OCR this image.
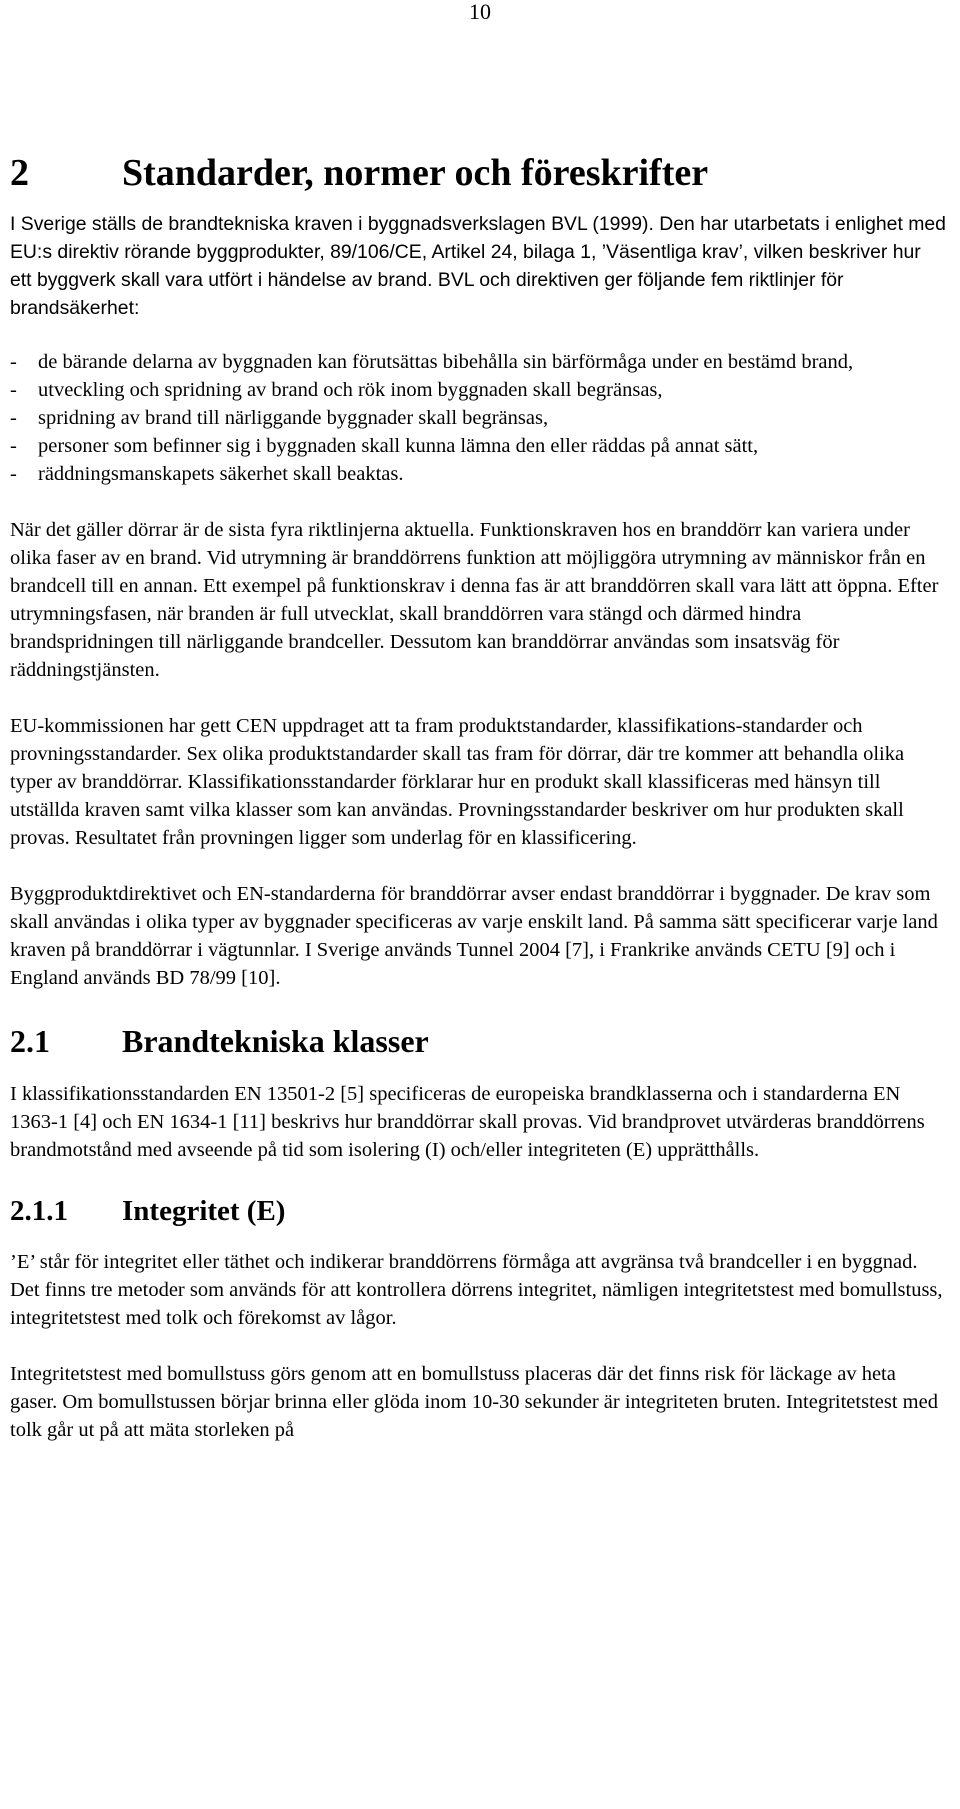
10
2	Standarder, normer och föreskrifter

I Sverige ställs de brandtekniska kraven i byggnadsverkslagen BVL (1999). Den har utarbetats i enlighet med EU:s direktiv rörande byggprodukter, 89/106/CE, Artikel 24, bilaga 1, ’Väsentliga krav’, vilken beskriver hur ett byggverk skall vara utfört i händelse av brand. BVL och direktiven ger följande fem riktlinjer för brandsäkerhet:

-	de bärande delarna av byggnaden kan förutsättas bibehålla sin bärförmåga under en bestämd brand,
-	utveckling och spridning av brand och rök inom byggnaden skall begränsas,
-	spridning av brand till närliggande byggnader skall begränsas,
-	personer som befinner sig i byggnaden skall kunna lämna den eller räddas på annat sätt,
-	räddningsmanskapets säkerhet skall beaktas.

När det gäller dörrar är de sista fyra riktlinjerna aktuella. Funktionskraven hos en branddörr kan variera under olika faser av en brand. Vid utrymning är branddörrens funktion att möjliggöra utrymning av människor från en brandcell till en annan. Ett exempel på funktionskrav i denna fas är att branddörren skall vara lätt att öppna. Efter utrymningsfasen, när branden är full utvecklat, skall branddörren vara stängd och därmed hindra brandspridningen till närliggande brandceller. Dessutom kan branddörrar användas som insatsväg för räddningstjänsten.

EU-kommissionen har gett CEN uppdraget att ta fram produktstandarder, klassifikations-standarder och provningsstandarder. Sex olika produktstandarder skall tas fram för dörrar, där tre kommer att behandla olika typer av branddörrar. Klassifikationsstandarder förklarar hur en produkt skall klassificeras med hänsyn till utställda kraven samt vilka klasser som kan användas. Provningsstandarder beskriver om hur produkten skall provas. Resultatet från provningen ligger som underlag för en klassificering.

Byggproduktdirektivet och EN-standarderna för branddörrar avser endast branddörrar i byggnader. De krav som skall användas i olika typer av byggnader specificeras av varje enskilt land. På samma sätt specificerar varje land kraven på branddörrar i vägtunnlar. I Sverige används Tunnel 2004 [7], i Frankrike används CETU [9] och i England används BD 78/99 [10].

2.1	Brandtekniska klasser

I klassifikationsstandarden EN 13501-2 [5] specificeras de europeiska brandklasserna och i standarderna EN 1363-1 [4] och EN 1634-1 [11] beskrivs hur branddörrar skall provas. Vid brandprovet utvärderas branddörrens brandmotstånd med avseende på tid som isolering (I) och/eller integriteten (E) upprätthålls.

2.1.1	Integritet (E)

’E’ står för integritet eller täthet och indikerar branddörrens förmåga att avgränsa två brandceller i en byggnad. Det finns tre metoder som används för att kontrollera dörrens integritet, nämligen integritetstest med bomullstuss, integritetstest med tolk och förekomst av lågor.

Integritetstest med bomullstuss görs genom att en bomullstuss placeras där det finns risk för läckage av heta gaser. Om bomullstussen börjar brinna eller glöda inom 10-30 sekunder är integriteten bruten. Integritetstest med tolk går ut på att mäta storleken på
